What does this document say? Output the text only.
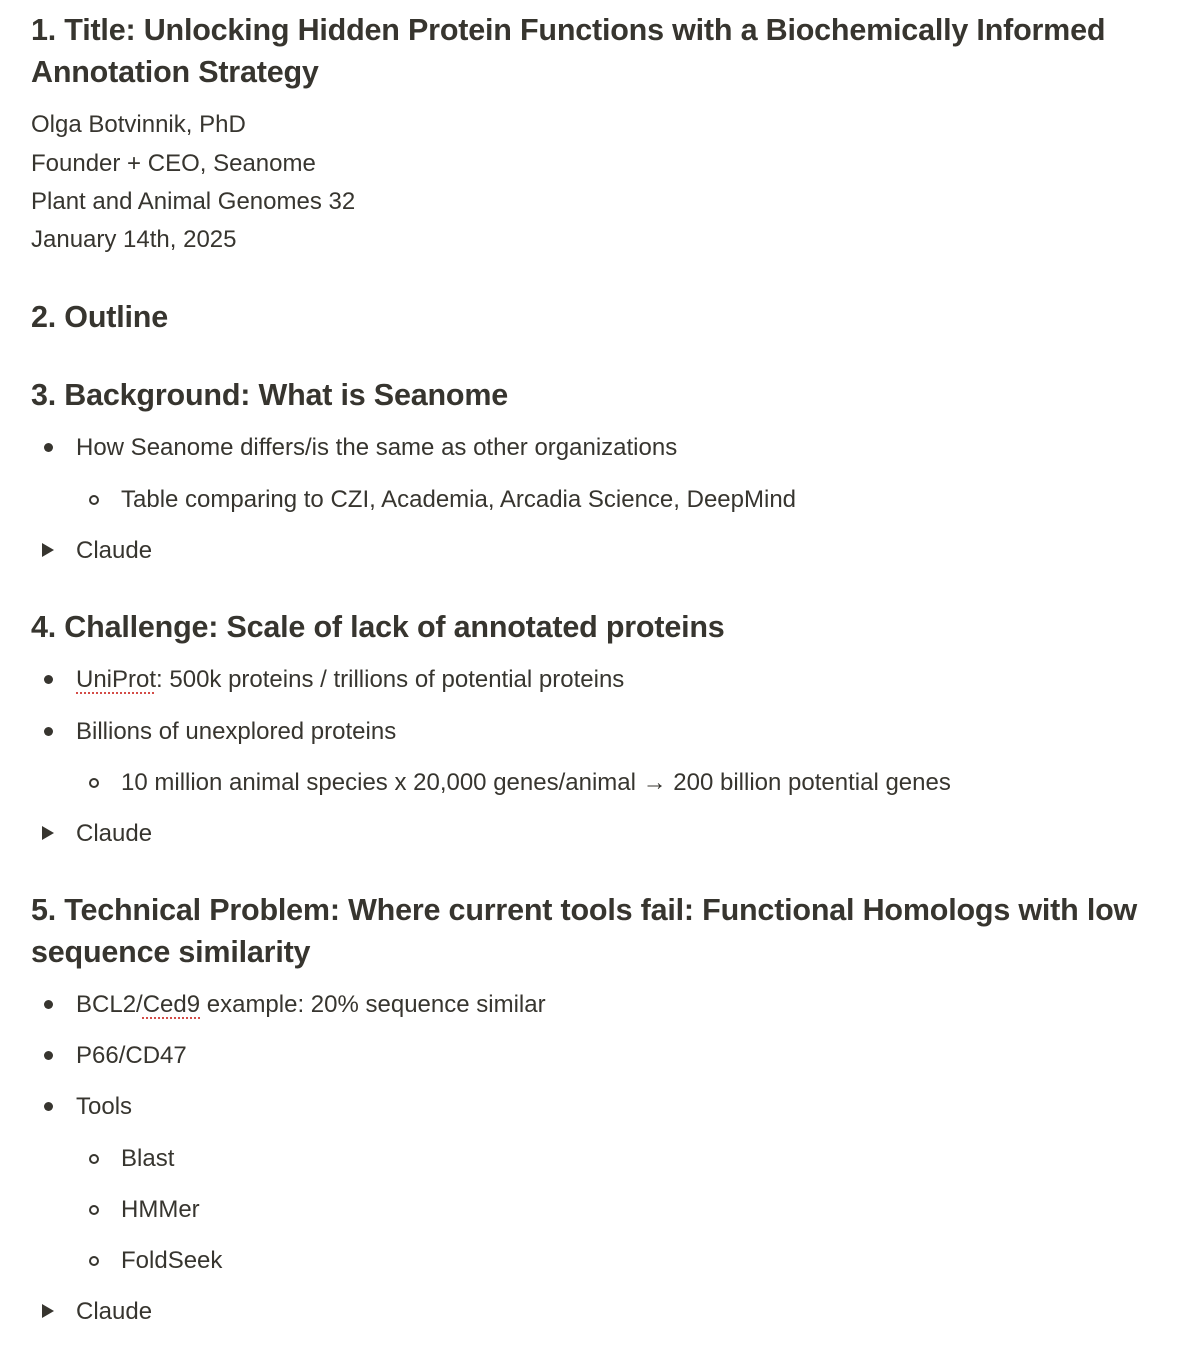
1. Title: Unlocking Hidden Protein Functions with a Biochemically Informed Annotation Strategy
Olga Botvinnik, PhD
Founder + CEO, Seanome
Plant and Animal Genomes 32
January 14th, 2025
2. Outline
3. Background: What is Seanome
How Seanome differs/is the same as other organizations
Table comparing to CZI, Academia, Arcadia Science, DeepMind
Claude
4. Challenge: Scale of lack of annotated proteins
UniProt: 500k proteins / trillions of potential proteins
Billions of unexplored proteins
10 million animal species x 20,000 genes/animal → 200 billion potential genes
Claude
5. Technical Problem: Where current tools fail: Functional Homologs with low sequence similarity
BCL2/Ced9 example: 20% sequence similar
P66/CD47
Tools
Blast
HMMer
FoldSeek
Claude
